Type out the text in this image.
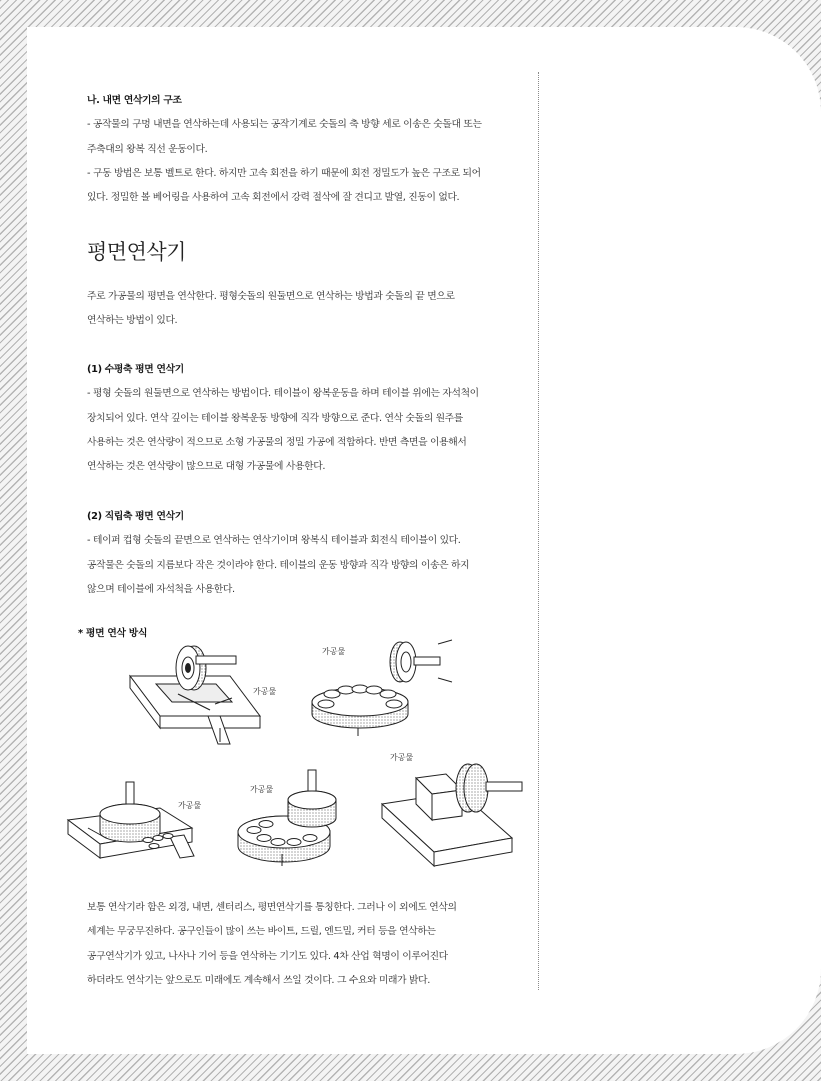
나. 내면 연삭기의 구조

- 공작물의 구멍 내면을 연삭하는데 사용되는 공작기계로 숫돌의 축 방향 세로 이송은 숫돌대 또는

주축대의 왕복 직선 운동이다.

- 구동 방법은 보통 벨트로 한다. 하지만 고속 회전을 하기 때문에 회전 정밀도가 높은 구조로 되어

있다. 정밀한 볼 베어링을 사용하여 고속 회전에서 강력 절삭에 잘 견디고 발열, 진동이 없다.

평면연삭기

주로 가공물의 평면을 연삭한다. 평형숫돌의 원둘면으로 연삭하는 방법과 숫돌의 끝 면으로

연삭하는 방법이 있다.

(1) 수평축 평면 연삭기

- 평형 숫돌의 원둘면으로 연삭하는 방법이다. 테이블이 왕복운동을 하며 테이블 위에는 자석척이

장치되어 있다. 연삭 깊이는 테이블 왕복운동 방향에 직각 방향으로 준다. 연삭 숫돌의 원주를

사용하는 것은 연삭량이 적으므로 소형 가공물의 정밀 가공에 적합하다. 반면 측면을 이용해서

연삭하는 것은 연삭량이 많으므로 대형 가공물에 사용한다.

(2) 직립축 평면 연삭기

- 테이퍼 컵형 숫돌의 끝면으로 연삭하는 연삭기이며 왕복식 테이블과 회전식 테이블이 있다.

공작물은 숫돌의 지름보다 작은 것이라야 한다. 테이블의 운동 방향과 직각 방향의 이송은 하지

않으며 테이블에 자석척을 사용한다.

* 평면 연삭 방식
가공물
가공물
가공물
가공물
가공물

보통 연삭기라 함은 외경, 내면, 센터리스, 평면연삭기를 통칭한다. 그러나 이 외에도 연삭의

세계는 무궁무진하다. 공구인들이 많이 쓰는 바이트, 드릴, 엔드밀, 커터 등을 연삭하는

공구연삭기가 있고, 나사나 기어 등을 연삭하는 기기도 있다. 4차 산업 혁명이 이루어진다

하더라도 연삭기는 앞으로도 미래에도 계속해서 쓰일 것이다. 그 수요와 미래가 밝다.
